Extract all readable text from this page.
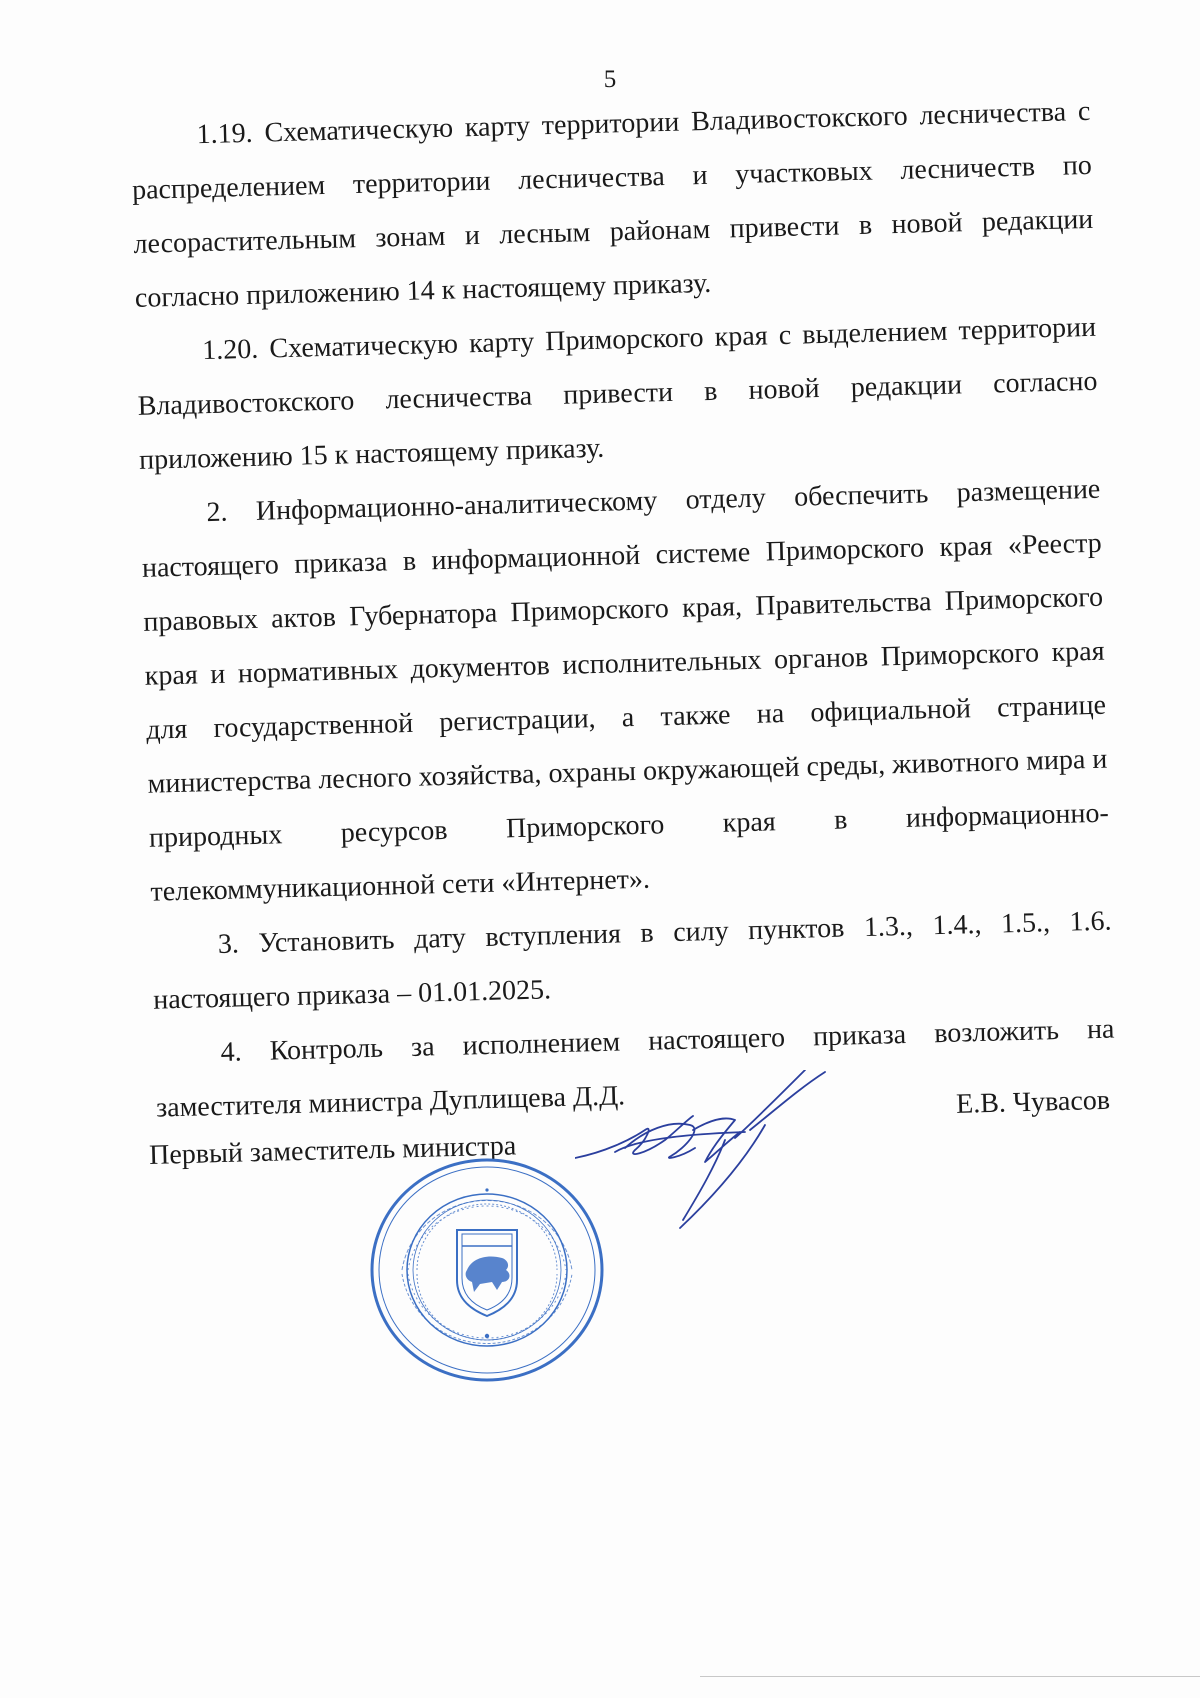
5

1.19. Схематическую карту территории Владивостокского лесничества с распределением территории лесничества и участковых лесничеств по лесорастительным зонам и лесным районам привести в новой редакции согласно приложению 14 к настоящему приказу.

1.20. Схематическую карту Приморского края с выделением территории Владивостокского лесничества привести в новой редакции согласно приложению 15 к настоящему приказу.

2. Информационно-аналитическому отделу обеспечить размещение настоящего приказа в информационной системе Приморского края «Реестр правовых актов Губернатора Приморского края, Правительства Приморского края и нормативных документов исполнительных органов Приморского края для государственной регистрации, а также на официальной странице министерства лесного хозяйства, охраны окружающей среды, животного мира и природных ресурсов Приморского края в информационно-телекоммуникационной сети «Интернет».

3. Установить дату вступления в силу пунктов 1.3., 1.4., 1.5., 1.6. настоящего приказа – 01.01.2025.

4. Контроль за исполнением настоящего приказа возложить на заместителя министра Дуплищева Д.Д.

Первый заместитель министра
Е.В. Чувасов
